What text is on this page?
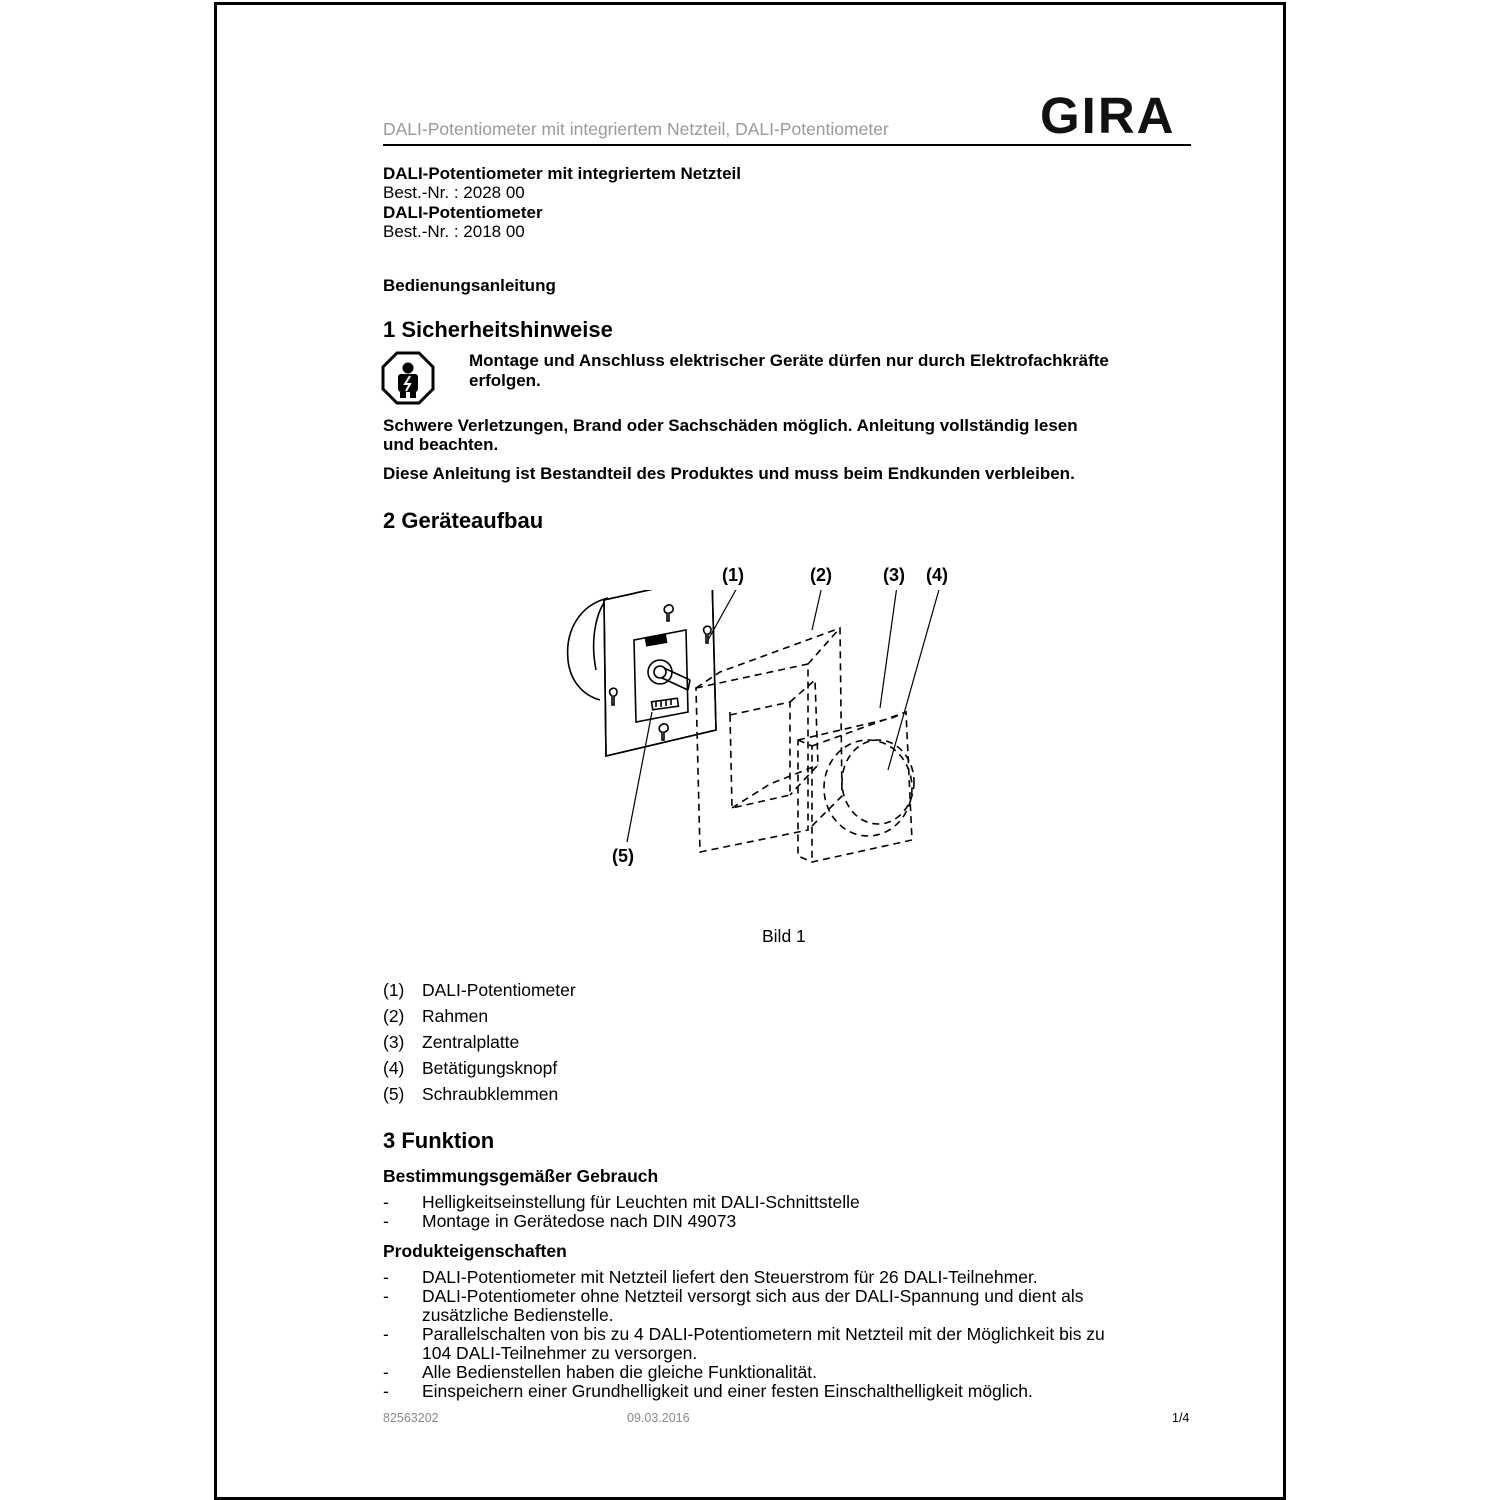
DALI-Potentiometer mit integriertem Netzteil, DALI-Potentiometer	GIRA
DALI-Potentiometer mit integriertem Netzteil
Best.-Nr. : 2028 00
DALI-Potentiometer
Best.-Nr. : 2018 00
Bedienungsanleitung
1 Sicherheitshinweise
Montage und Anschluss elektrischer Geräte dürfen nur durch Elektrofachkräfte
erfolgen.
Schwere Verletzungen, Brand oder Sachschäden möglich. Anleitung vollständig lesen
und beachten.
Diese Anleitung ist Bestandteil des Produktes und muss beim Endkunden verbleiben.
2 Geräteaufbau
(1)	(2)	(3) (4)
(5)
Bild 1
(1) DALI-Potentiometer
(2) Rahmen
(3) Zentralplatte
(4) Betätigungsknopf
(5) Schraubklemmen
3 Funktion
Bestimmungsgemäßer Gebrauch
- Helligkeitseinstellung für Leuchten mit DALI-Schnittstelle
- Montage in Gerätedose nach DIN 49073
Produkteigenschaften
- DALI-Potentiometer mit Netzteil liefert den Steuerstrom für 26 DALI-Teilnehmer.
- DALI-Potentiometer ohne Netzteil versorgt sich aus der DALI-Spannung und dient als
zusätzliche Bedienstelle.
- Parallelschalten von bis zu 4 DALI-Potentiometern mit Netzteil mit der Möglichkeit bis zu
104 DALI-Teilnehmer zu versorgen.
- Alle Bedienstellen haben die gleiche Funktionalität.
- Einspeichern einer Grundhelligkeit und einer festen Einschalthelligkeit möglich.
82563202	09.03.2016	1/4
